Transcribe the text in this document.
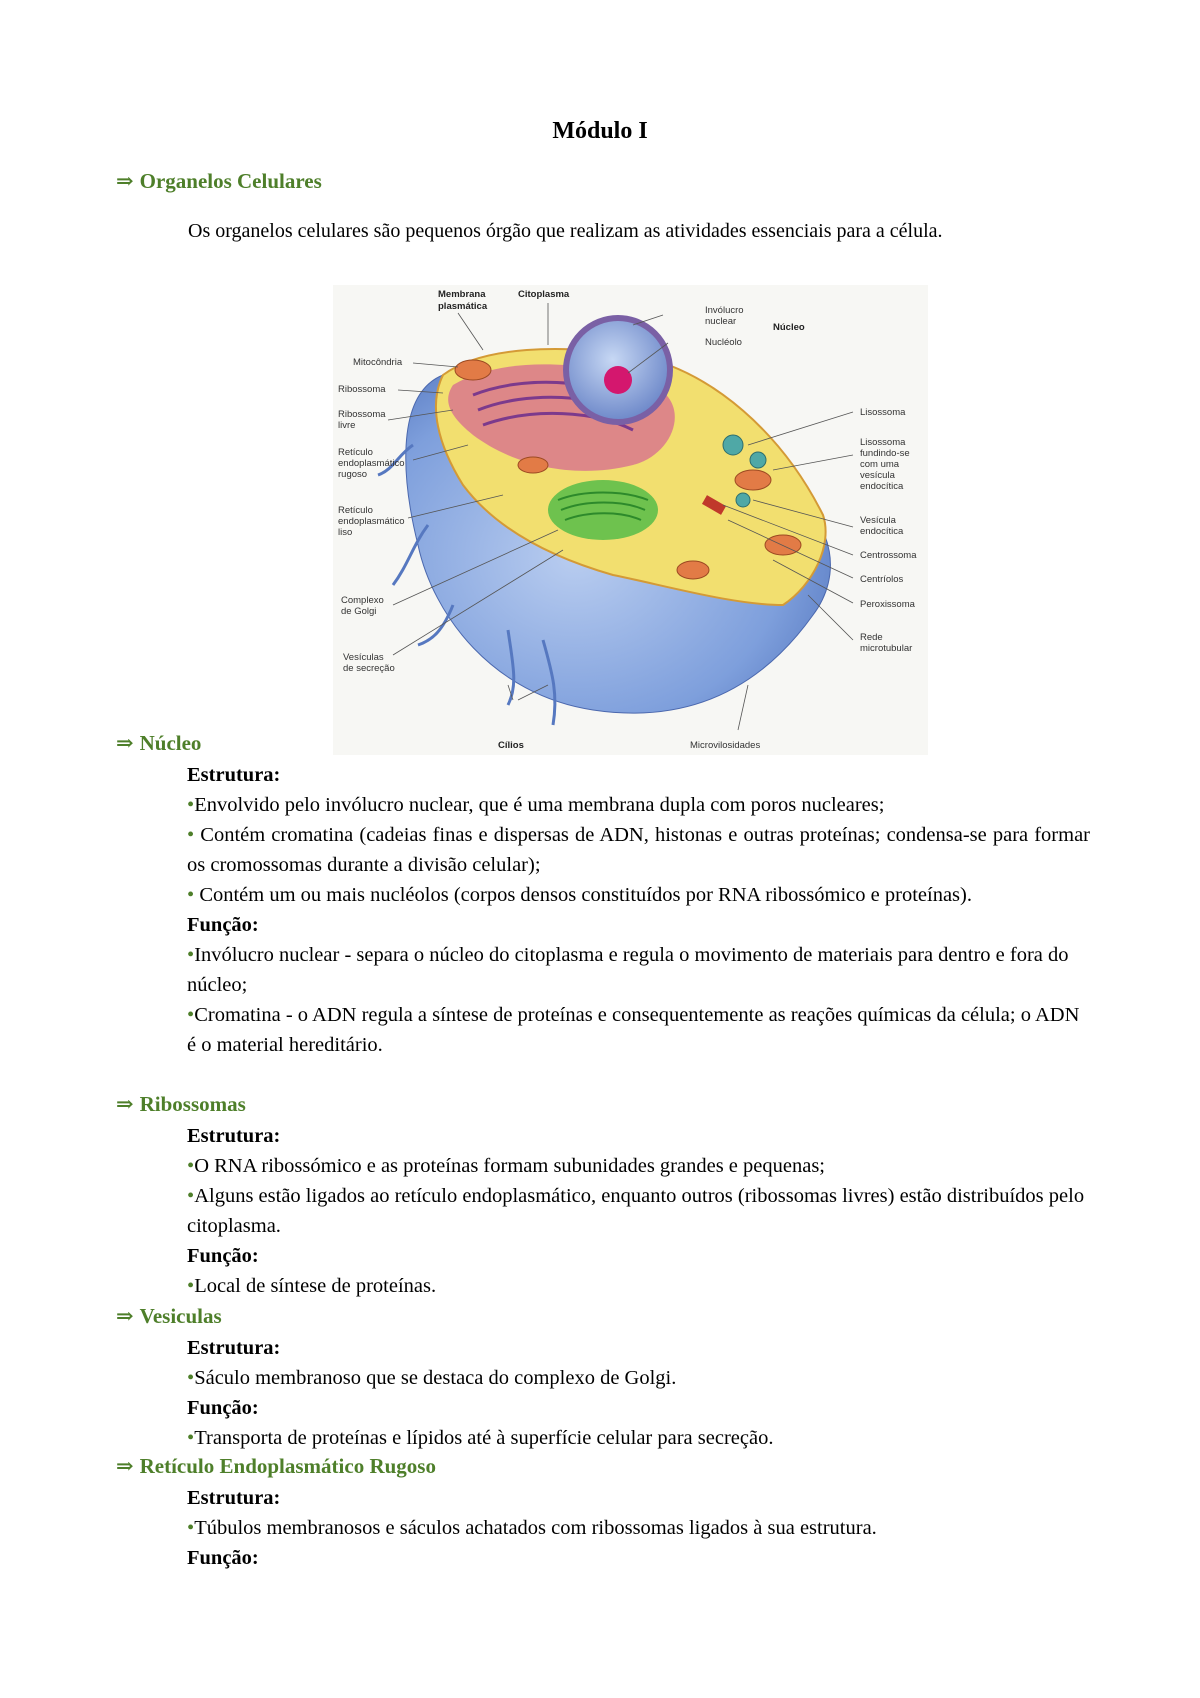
Módulo I
⇒ Organelos Celulares
Os organelos celulares são pequenos órgão que realizam as atividades essenciais para a célula.
Membrana
plasmática
Citoplasma
Invólucro
nuclear
Núcleo
Nucléolo
Mitocôndria
Ribossoma
Ribossoma
livre
Retículo
endoplasmático
rugoso
Retículo
endoplasmático
liso
Complexo
de Golgi
Vesículas
de secreção
Lisossoma
Lisossoma
fundindo-se
com uma
vesícula
endocítica
Vesícula
endocítica
Centrossoma
Centríolos
Peroxissoma
Rede
microtubular
Cílios	Microvilosidades
⇒ Núcleo
Estrutura:
•Envolvido pelo invólucro nuclear, que é uma membrana dupla com poros nucleares;
• Contém cromatina (cadeias finas e dispersas de ADN, histonas e outras proteínas; condensa-se para formar os cromossomas durante a divisão celular);
• Contém um ou mais nucléolos (corpos densos constituídos por RNA ribossómico e proteínas).
Função:
•Invólucro nuclear - separa o núcleo do citoplasma e regula o movimento de materiais para dentro e fora do núcleo;
•Cromatina - o ADN regula a síntese de proteínas e consequentemente as reações químicas da célula; o ADN é o material hereditário.
⇒ Ribossomas
Estrutura:
•O RNA ribossómico e as proteínas formam subunidades grandes e pequenas;
•Alguns estão ligados ao retículo endoplasmático, enquanto outros (ribossomas livres) estão distribuídos pelo citoplasma.
Função:
•Local de síntese de proteínas.
⇒ Vesiculas
Estrutura:
•Sáculo membranoso que se destaca do complexo de Golgi.
Função:
•Transporta de proteínas e lípidos até à superfície celular para secreção.
⇒ Retículo Endoplasmático Rugoso
Estrutura:
•Túbulos membranosos e sáculos achatados com ribossomas ligados à sua estrutura.
Função:
